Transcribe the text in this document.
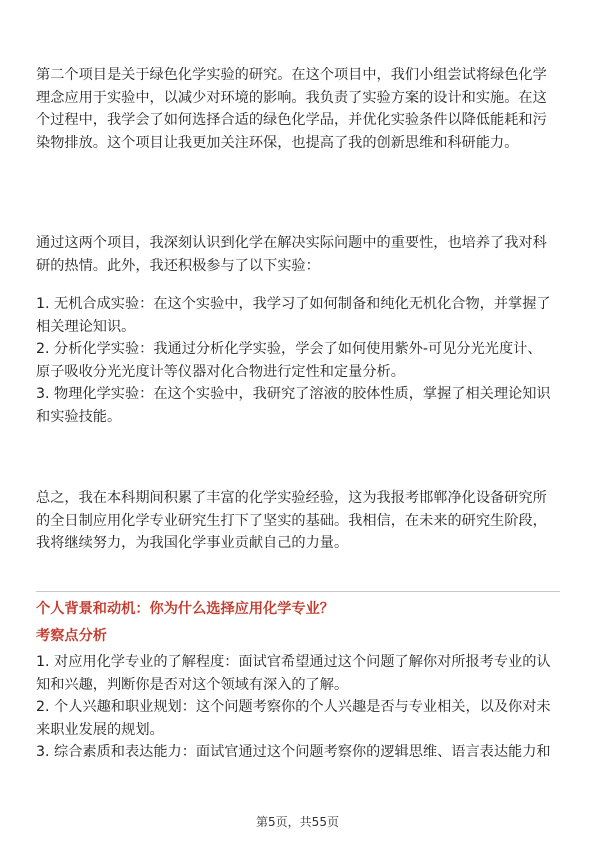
第二个项目是关于绿色化学实验的研究。在这个项目中，我们小组尝试将绿色化学
理念应用于实验中，以减少对环境的影响。我负责了实验方案的设计和实施。在这
个过程中，我学会了如何选择合适的绿色化学品，并优化实验条件以降低能耗和污
染物排放。这个项目让我更加关注环保，也提高了我的创新思维和科研能力。
通过这两个项目，我深刻认识到化学在解决实际问题中的重要性，也培养了我对科
研的热情。此外，我还积极参与了以下实验：
1. 无机合成实验：在这个实验中，我学习了如何制备和纯化无机化合物，并掌握了
相关理论知识。
2. 分析化学实验：我通过分析化学实验，学会了如何使用紫外-可见分光光度计、
原子吸收分光光度计等仪器对化合物进行定性和定量分析。
3. 物理化学实验：在这个实验中，我研究了溶液的胶体性质，掌握了相关理论知识
和实验技能。
总之，我在本科期间积累了丰富的化学实验经验，这为我报考邯郸净化设备研究所
的全日制应用化学专业研究生打下了坚实的基础。我相信，在未来的研究生阶段，
我将继续努力，为我国化学事业贡献自己的力量。
个人背景和动机：你为什么选择应用化学专业？
考察点分析
1. 对应用化学专业的了解程度：面试官希望通过这个问题了解你对所报考专业的认
知和兴趣，判断你是否对这个领域有深入的了解。
2. 个人兴趣和职业规划：这个问题考察你的个人兴趣是否与专业相关，以及你对未
来职业发展的规划。
3. 综合素质和表达能力：面试官通过这个问题考察你的逻辑思维、语言表达能力和
第5页，共55页
